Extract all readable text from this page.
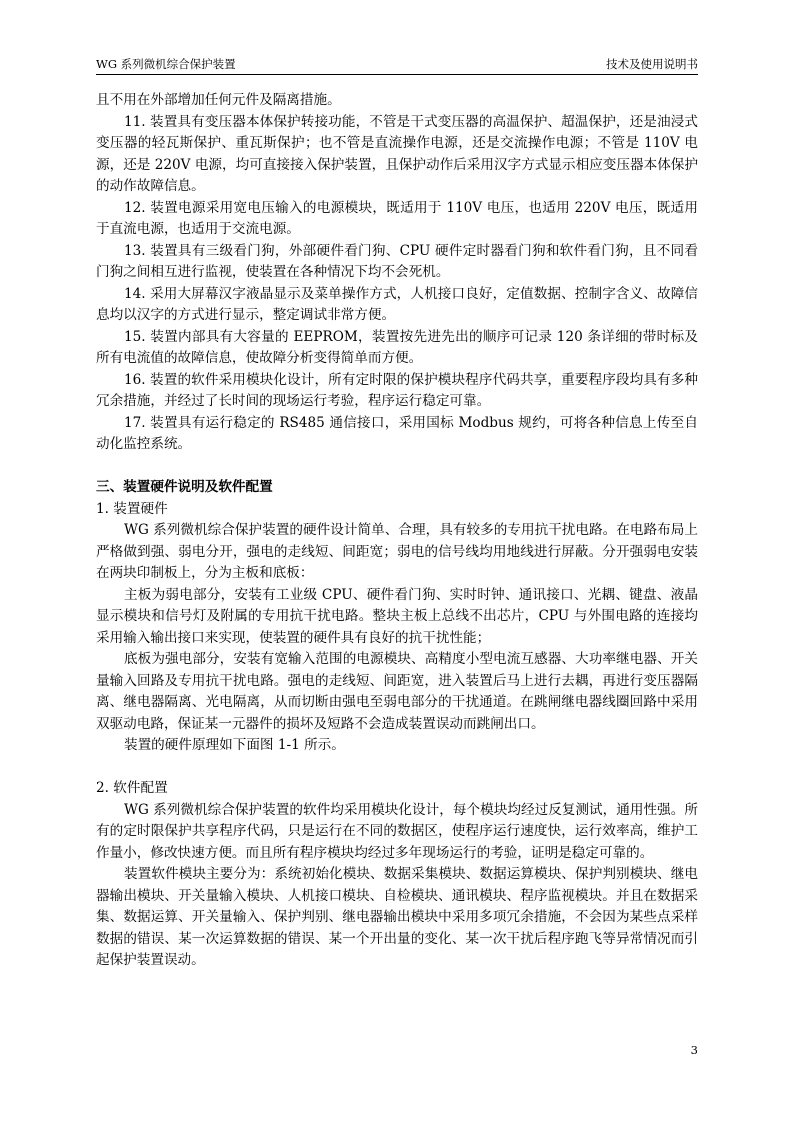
WG 系列微机综合保护装置	技术及使用说明书

且不用在外部增加任何元件及隔离措施。

11. 装置具有变压器本体保护转接功能，不管是干式变压器的高温保护、超温保护，还是油浸式变压器的轻瓦斯保护、重瓦斯保护；也不管是直流操作电源，还是交流操作电源；不管是 110V 电源，还是 220V 电源，均可直接接入保护装置，且保护动作后采用汉字方式显示相应变压器本体保护的动作故障信息。

12. 装置电源采用宽电压输入的电源模块，既适用于 110V 电压，也适用 220V 电压，既适用于直流电源，也适用于交流电源。

13. 装置具有三级看门狗，外部硬件看门狗、CPU 硬件定时器看门狗和软件看门狗，且不同看门狗之间相互进行监视，使装置在各种情况下均不会死机。

14. 采用大屏幕汉字液晶显示及菜单操作方式，人机接口良好，定值数据、控制字含义、故障信息均以汉字的方式进行显示，整定调试非常方便。

15. 装置内部具有大容量的 EEPROM，装置按先进先出的顺序可记录 120 条详细的带时标及所有电流值的故障信息，使故障分析变得简单而方便。

16. 装置的软件采用模块化设计，所有定时限的保护模块程序代码共享，重要程序段均具有多种冗余措施，并经过了长时间的现场运行考验，程序运行稳定可靠。

17. 装置具有运行稳定的 RS485 通信接口，采用国标 Modbus 规约，可将各种信息上传至自动化监控系统。

三、装置硬件说明及软件配置

1. 装置硬件

WG 系列微机综合保护装置的硬件设计简单、合理，具有较多的专用抗干扰电路。在电路布局上严格做到强、弱电分开，强电的走线短、间距宽；弱电的信号线均用地线进行屏蔽。分开强弱电安装在两块印制板上，分为主板和底板：

主板为弱电部分，安装有工业级 CPU、硬件看门狗、实时时钟、通讯接口、光耦、键盘、液晶显示模块和信号灯及附属的专用抗干扰电路。整块主板上总线不出芯片，CPU 与外围电路的连接均采用输入输出接口来实现，使装置的硬件具有良好的抗干扰性能；

底板为强电部分，安装有宽输入范围的电源模块、高精度小型电流互感器、大功率继电器、开关量输入回路及专用抗干扰电路。强电的走线短、间距宽，进入装置后马上进行去耦，再进行变压器隔离、继电器隔离、光电隔离，从而切断由强电至弱电部分的干扰通道。在跳闸继电器线圈回路中采用双驱动电路，保证某一元器件的损坏及短路不会造成装置误动而跳闸出口。

装置的硬件原理如下面图 1-1 所示。

2. 软件配置

WG 系列微机综合保护装置的软件均采用模块化设计，每个模块均经过反复测试，通用性强。所有的定时限保护共享程序代码，只是运行在不同的数据区，使程序运行速度快，运行效率高，维护工作量小，修改快速方便。而且所有程序模块均经过多年现场运行的考验，证明是稳定可靠的。

装置软件模块主要分为：系统初始化模块、数据采集模块、数据运算模块、保护判别模块、继电器输出模块、开关量输入模块、人机接口模块、自检模块、通讯模块、程序监视模块。并且在数据采集、数据运算、开关量输入、保护判别、继电器输出模块中采用多项冗余措施，不会因为某些点采样数据的错误、某一次运算数据的错误、某一个开出量的变化、某一次干扰后程序跑飞等异常情况而引起保护装置误动。

3
